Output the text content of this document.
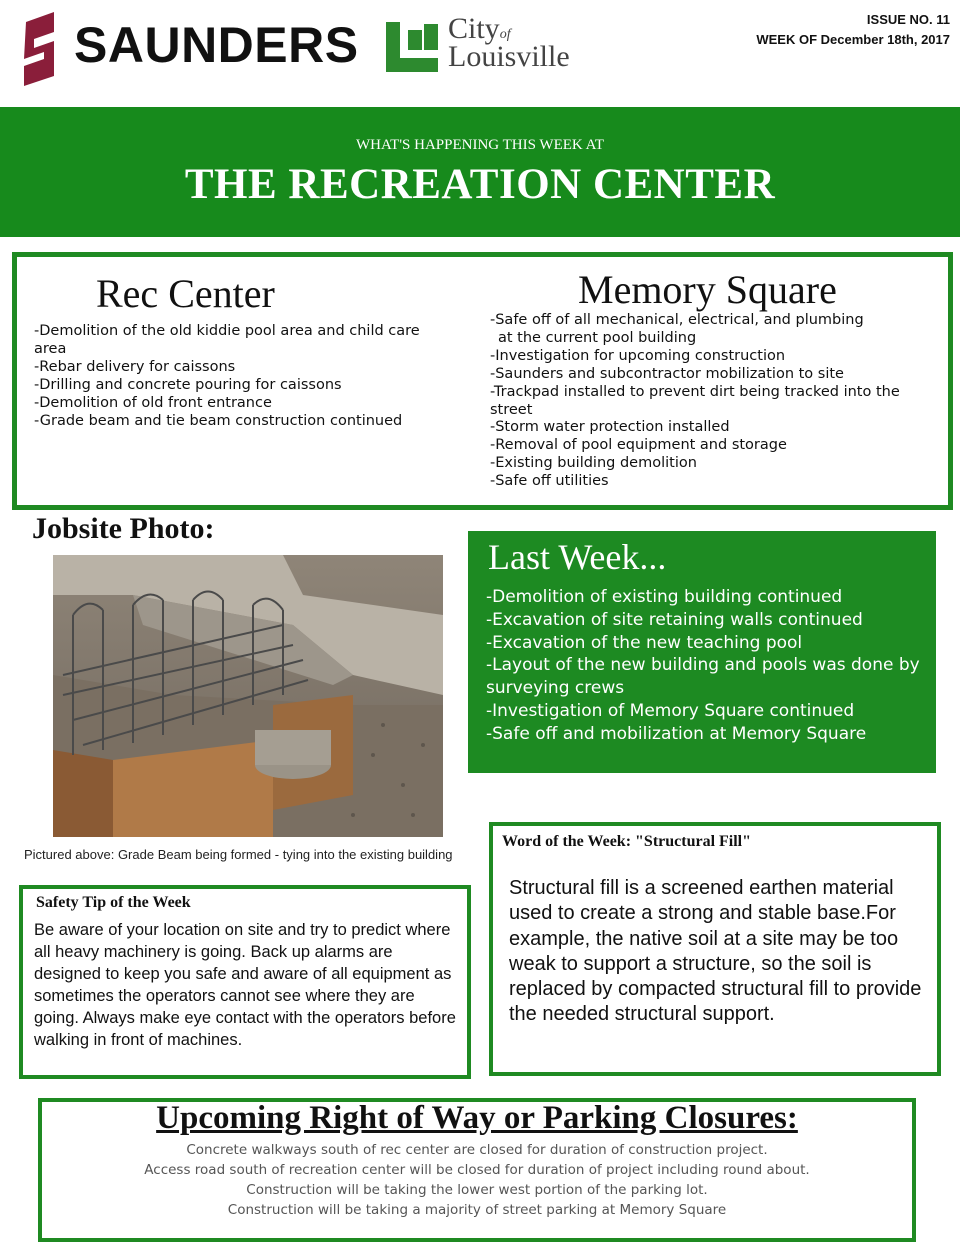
SAUNDERS	Cityof
Louisville
ISSUE NO. 11
WEEK OF December 18th, 2017
WHAT'S HAPPENING THIS WEEK AT
THE RECREATION CENTER
Rec Center
-Demolition of the old kiddie pool area and child care area
-Rebar delivery for caissons
-Drilling and concrete pouring for caissons
-Demolition of old front entrance
-Grade beam and tie beam construction continued
Memory Square
-Safe off of all mechanical, electrical, and plumbing
at the current pool building
-Investigation for upcoming construction
-Saunders and subcontractor mobilization to site
-Trackpad installed to prevent dirt being tracked into the street
-Storm water protection installed
-Removal of pool equipment and storage
-Existing building demolition
-Safe off utilities
Jobsite Photo:
Pictured above: Grade Beam being formed - tying into the existing building
Last Week...
-Demolition of existing building continued
-Excavation of site retaining walls continued
-Excavation of the new teaching pool
-Layout of the new building and pools was done by surveying crews
-Investigation of Memory Square continued
-Safe off and mobilization at Memory Square
Safety Tip of the Week
Be aware of your location on site and try to predict where all heavy machinery is going. Back up alarms are designed to keep you safe and aware of all equipment as sometimes the operators cannot see where they are going. Always make eye contact with the operators before walking in front of machines.
Word of the Week: "Structural Fill"
Structural fill is a screened earthen material used to create a strong and stable base.For example, the native soil at a site may be too weak to support a structure, so the soil is replaced by compacted structural fill to provide the needed structural support.
Upcoming Right of Way or Parking Closures:
Concrete walkways south of rec center are closed for duration of construction project.
Access road south of recreation center will be closed for duration of project including round about.
Construction will be taking the lower west portion of the parking lot.
Construction will be taking a majority of street parking at Memory Square
